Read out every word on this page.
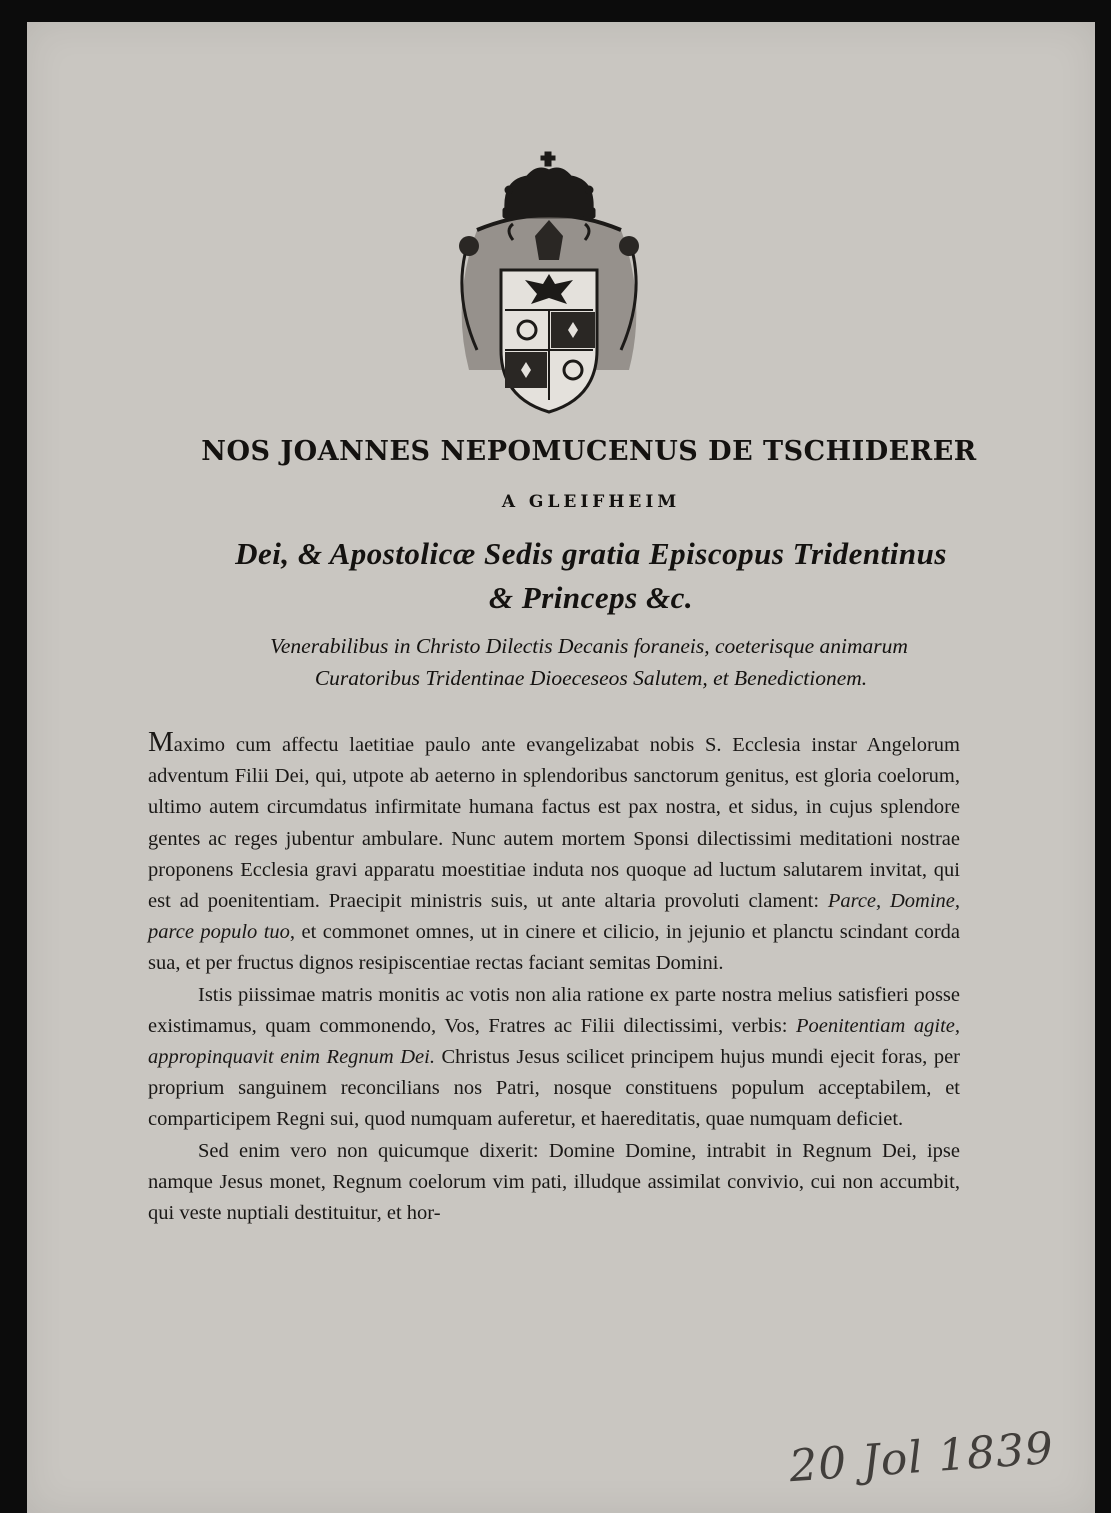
NOS JOANNES NEPOMUCENUS DE TSCHIDERER
A GLEIFHEIM
Dei, & Apostolicæ Sedis gratia Episcopus Tridentinus
& Princeps &c.
Venerabilibus in Christo Dilectis Decanis foraneis, coeterisque animarum
Curatoribus Tridentinae Dioeceseos Salutem, et Benedictionem.

Maximo cum affectu laetitiae paulo ante evangelizabat nobis S. Ecclesia instar Angelorum adventum Filii Dei, qui, utpote ab aeterno in splendoribus sanctorum genitus, est gloria coelorum, ultimo autem circumdatus infirmitate humana factus est pax nostra, et sidus, in cujus splendore gentes ac reges jubentur ambulare. Nunc autem mortem Sponsi dilectissimi meditationi nostrae proponens Ecclesia gravi apparatu moestitiae induta nos quoque ad luctum salutarem invitat, qui est ad poenitentiam. Praecipit ministris suis, ut ante altaria provoluti clament: Parce, Domine, parce populo tuo, et commonet omnes, ut in cinere et cilicio, in jejunio et planctu scindant corda sua, et per fructus dignos resipiscentiae rectas faciant semitas Domini.

Istis piissimae matris monitis ac votis non alia ratione ex parte nostra melius satisfieri posse existimamus, quam commonendo, Vos, Fratres ac Filii dilectissimi, verbis: Poenitentiam agite, appropinquavit enim Regnum Dei. Christus Jesus scilicet principem hujus mundi ejecit foras, per proprium sanguinem reconcilians nos Patri, nosque constituens populum acceptabilem, et comparticipem Regni sui, quod numquam auferetur, et haereditatis, quae numquam deficiet.

Sed enim vero non quicumque dixerit: Domine Domine, intrabit in Regnum Dei, ipse namque Jesus monet, Regnum coelorum vim pati, illudque assimilat convivio, cui non accumbit, qui veste nuptiali destituitur, et hor-

20 Jol 1839
